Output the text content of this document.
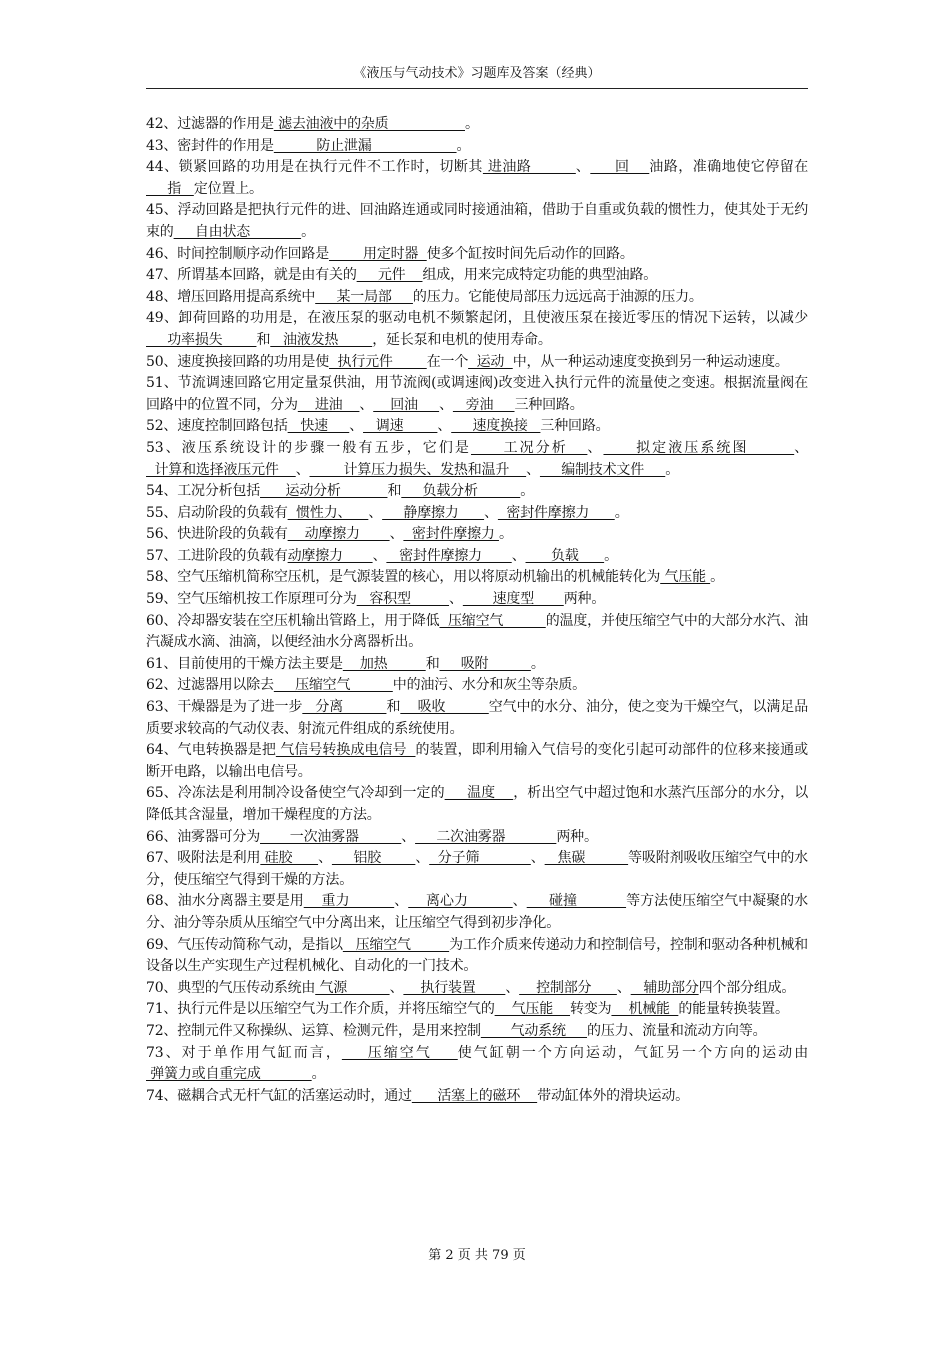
《液压与气动技术》习题库及答案（经典）

42、过滤器的作用是 滤去油液中的杂质                  。

43、密封件的作用是          防止泄漏                    。

44、锁紧回路的功用是在执行元件不工作时，切断其 进油路         、     回    油路，准确地使它停留在     指   定位置上。

45、浮动回路是把执行元件的进、回油路连通或同时接通油箱，借助于自重或负载的惯性力，使其处于无约束的     自由状态            。

46、时间控制顺序动作回路是        用定时器  使多个缸按时间先后动作的回路。

47、所谓基本回路，就是由有关的     元件    组成，用来完成特定功能的典型油路。

48、增压回路用提高系统中     某一局部     的压力。它能使局部压力远远高于油源的压力。

49、卸荷回路的功用是，在液压泵的驱动电机不频繁起闭，且使液压泵在接近零压的情况下运转，以减少     功率损失        和   油液发热        ，延长泵和电机的使用寿命。

50、速度换接回路的功用是使  执行元件        在一个  运动  中，从一种运动速度变换到另一种运动速度。

51、节流调速回路它用定量泵供油，用节流阀(或调速阀)改变进入执行元件的流量使之变速。根据流量阀在回路中的位置不同，分为    进油    、    回油     、   旁油     三种回路。

52、速度控制回路包括   快速     、   调速        、     速度换接   三种回路。

53、液压系统设计的步骤一般有五步，它们是     工况分析   、     拟定液压系统图       、  计算和选择液压元件    、        计算压力损失、发热和温升    、     编制技术文件     。

54、工况分析包括      运动分析           和     负载分析          。

55、启动阶段的负载有  惯性力、    、     静摩擦力      、  密封件摩擦力      。

56、快进阶段的负载有    动摩擦力       、  密封件摩擦力 。

57、工进阶段的负载有动摩擦力       、   密封件摩擦力       、      负载      。

58、空气压缩机简称空压机，是气源装置的核心，用以将原动机输出的机械能转化为 气压能 。

59、空气压缩机按工作原理可分为   容积型         、       速度型       两种。

60、冷却器安装在空压机输出管路上，用于降低  压缩空气          的温度，并使压缩空气中的大部分水汽、油汽凝成水滴、油滴，以便经油水分离器析出。

61、目前使用的干燥方法主要是    加热         和     吸附          。

62、过滤器用以除去     压缩空气          中的油污、水分和灰尘等杂质。

63、干燥器是为了进一步   分离          和    吸收          空气中的水分、油分，使之变为干燥空气，以满足品质要求较高的气动仪表、射流元件组成的系统使用。

64、气电转换器是把 气信号转换成电信号  的装置，即利用输入气信号的变化引起可动部件的位移来接通或断开电路，以输出电信号。

65、冷冻法是利用制冷设备使空气冷却到一定的     温度    ，析出空气中超过饱和水蒸汽压部分的水分，以降低其含湿量，增加干燥程度的方法。

66、油雾器可分为       一次油雾器          、     二次油雾器            两种。

67、吸附法是利用 硅胶      、     铝胶        、  分子筛            、   焦碳          等吸附剂吸收压缩空气中的水分，使压缩空气得到干燥的方法。

68、油水分离器主要是用    重力          、    离心力          、     碰撞           等方法使压缩空气中凝聚的水分、油分等杂质从压缩空气中分离出来，让压缩空气得到初步净化。

69、气压传动简称气动，是指以   压缩空气         为工作介质来传递动力和控制信号，控制和驱动各种机械和设备以生产实现生产过程机械化、自动化的一门技术。

70、典型的气压传动系统由 气源          、    执行装置       、    控制部分      、   辅助部分四个部分组成。

71、执行元件是以压缩空气为工作介质，并将压缩空气的    气压能    转变为    机械能  的能量转换装置。

72、控制元件又称操纵、运算、检测元件，是用来控制       气动系统     的压力、流量和流动方向等。

73、对于单作用气缸而言，    压缩空气    使气缸朝一个方向运动，气缸另一个方向的运动由 弹簧力或自重完成            。

74、磁耦合式无杆气缸的活塞运动时，通过      活塞上的磁环    带动缸体外的滑块运动。

第 2 页 共 79 页
